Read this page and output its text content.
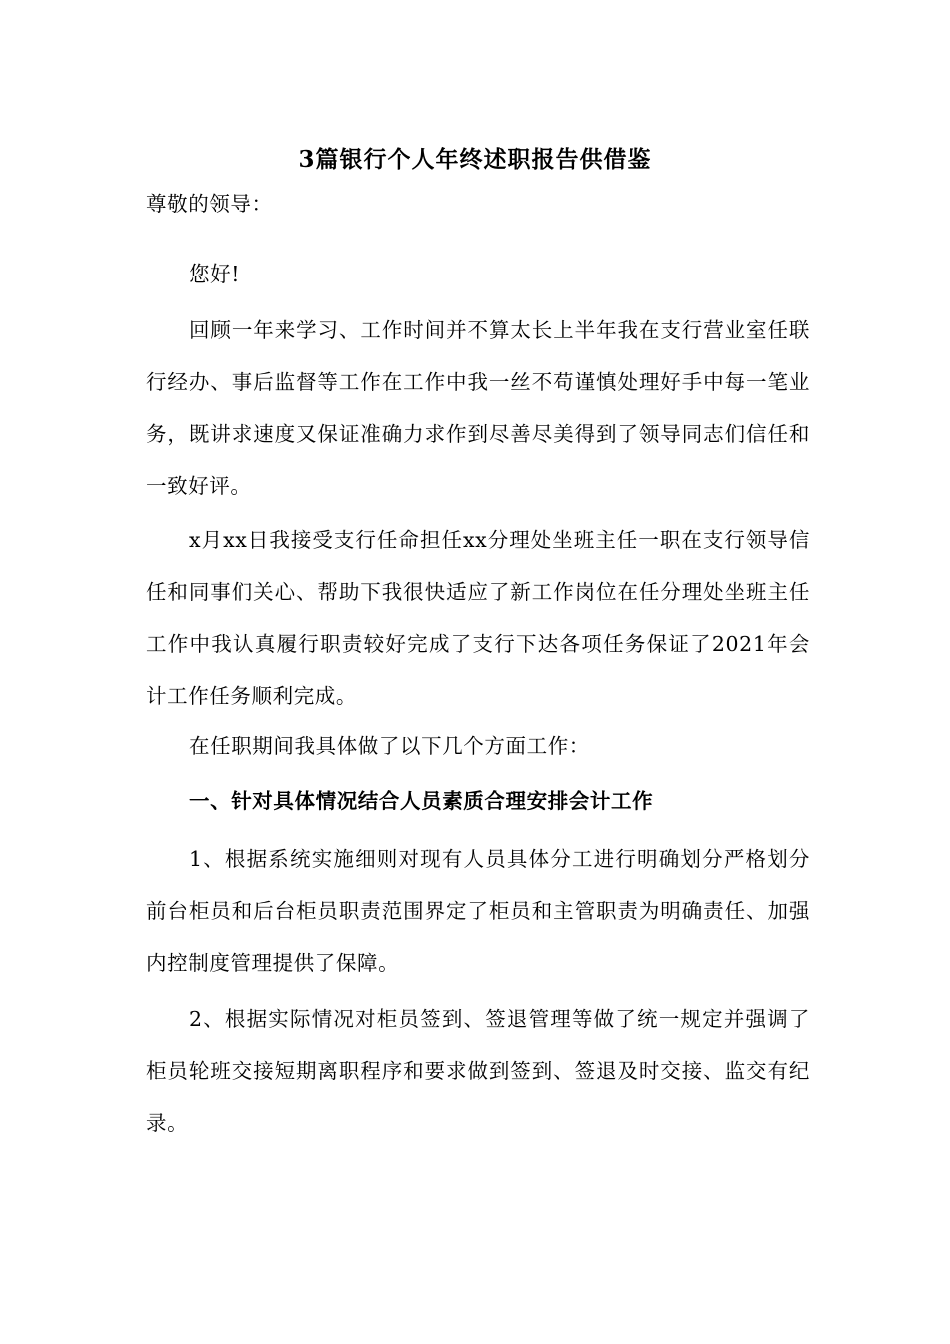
3篇银行个人年终述职报告供借鉴

尊敬的领导：

您好!

回顾一年来学习、工作时间并不算太长上半年我在支行营业室任联行经办、事后监督等工作在工作中我一丝不苟谨慎处理好手中每一笔业务，既讲求速度又保证准确力求作到尽善尽美得到了领导同志们信任和一致好评。

x月xx日我接受支行任命担任xx分理处坐班主任一职在支行领导信任和同事们关心、帮助下我很快适应了新工作岗位在任分理处坐班主任工作中我认真履行职责较好完成了支行下达各项任务保证了2021年会计工作任务顺利完成。

在任职期间我具体做了以下几个方面工作：

一、针对具体情况结合人员素质合理安排会计工作

1、根据系统实施细则对现有人员具体分工进行明确划分严格划分前台柜员和后台柜员职责范围界定了柜员和主管职责为明确责任、加强内控制度管理提供了保障。

2、根据实际情况对柜员签到、签退管理等做了统一规定并强调了柜员轮班交接短期离职程序和要求做到签到、签退及时交接、监交有纪录。
